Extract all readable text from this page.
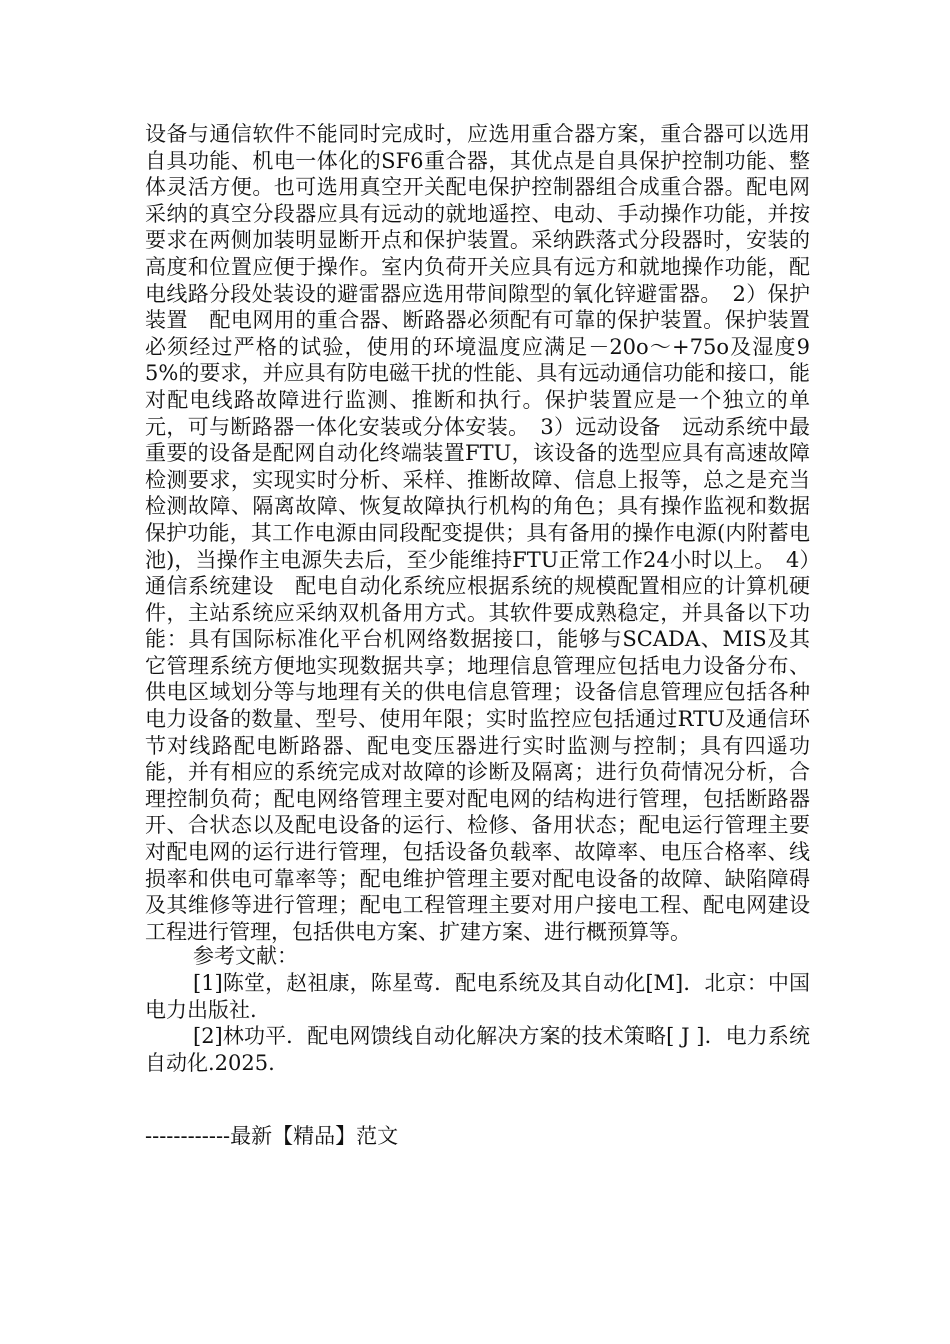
设备与通信软件不能同时完成时，应选用重合器方案，重合器可以选用自具功能、机电一体化的SF6重合器，其优点是自具保护控制功能、整体灵活方便。也可选用真空开关配电保护控制器组合成重合器。配电网采纳的真空分段器应具有远动的就地遥控、电动、手动操作功能，并按要求在两侧加装明显断开点和保护装置。采纳跌落式分段器时，安装的高度和位置应便于操作。室内负荷开关应具有远方和就地操作功能，配电线路分段处装设的避雷器应选用带间隙型的氧化锌避雷器。　2）保护装置　配电网用的重合器、断路器必须配有可靠的保护装置。保护装置必须经过严格的试验，使用的环境温度应满足－20o～+75o及湿度95%的要求，并应具有防电磁干扰的性能、具有远动通信功能和接口，能对配电线路故障进行监测、推断和执行。保护装置应是一个独立的单元，可与断路器一体化安装或分体安装。　3）远动设备　远动系统中最重要的设备是配网自动化终端装置FTU，该设备的选型应具有高速故障检测要求，实现实时分析、采样、推断故障、信息上报等，总之是充当检测故障、隔离故障、恢复故障执行机构的角色；具有操作监视和数据保护功能，其工作电源由同段配变提供；具有备用的操作电源(内附蓄电池)，当操作主电源失去后，至少能维持FTU正常工作24小时以上。　4）通信系统建设　配电自动化系统应根据系统的规模配置相应的计算机硬件，主站系统应采纳双机备用方式。其软件要成熟稳定，并具备以下功能：具有国际标准化平台机网络数据接口，能够与SCADA、MIS及其它管理系统方便地实现数据共享；地理信息管理应包括电力设备分布、供电区域划分等与地理有关的供电信息管理；设备信息管理应包括各种电力设备的数量、型号、使用年限；实时监控应包括通过RTU及通信环节对线路配电断路器、配电变压器进行实时监测与控制；具有四遥功能，并有相应的系统完成对故障的诊断及隔离；进行负荷情况分析，合理控制负荷；配电网络管理主要对配电网的结构进行管理，包括断路器开、合状态以及配电设备的运行、检修、备用状态；配电运行管理主要对配电网的运行进行管理，包括设备负载率、故障率、电压合格率、线损率和供电可靠率等；配电维护管理主要对配电设备的故障、缺陷障碍及其维修等进行管理；配电工程管理主要对用户接电工程、配电网建设工程进行管理，包括供电方案、扩建方案、进行概预算等。

参考文献：

[1]陈堂，赵祖康，陈星莺．配电系统及其自动化[M]．北京：中国电力出版社.

[2]林功平．配电网馈线自动化解决方案的技术策略[ J ]．电力系统自动化.2025.

------------最新【精品】范文
